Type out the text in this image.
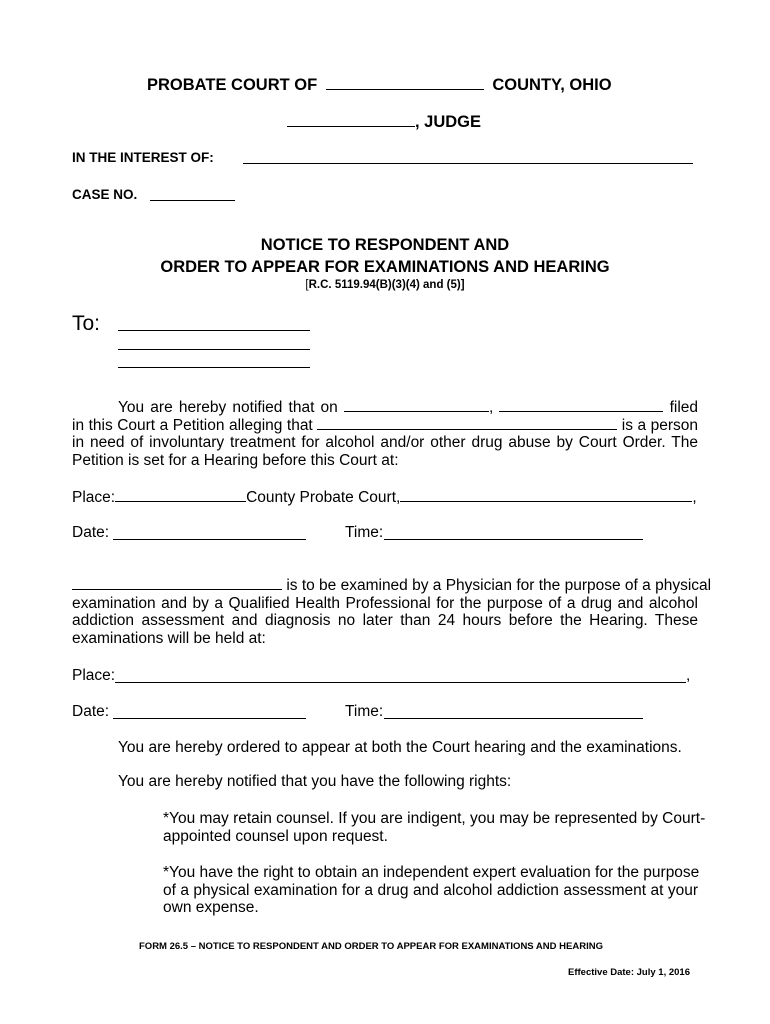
PROBATE COURT OF	COUNTY, OHIO
, JUDGE
IN THE INTEREST OF:
CASE NO.
NOTICE TO RESPONDENT AND
ORDER TO APPEAR FOR EXAMINATIONS AND HEARING
[R.C. 5119.94(B)(3)(4) and (5)]
To:
You are hereby notified that on	,	filed
in this Court a Petition alleging that	is a person
in need of involuntary treatment for alcohol and/or other drug abuse by Court Order. The
Petition is set for a Hearing before this Court at:
Place:	County Probate Court,	,
Date:	Time:
is to be examined by a Physician for the purpose of a physical
examination and by a Qualified Health Professional for the purpose of a drug and alcohol
addiction assessment and diagnosis no later than 24 hours before the Hearing. These
examinations will be held at:
Place:	,
Date:	Time:
You are hereby ordered to appear at both the Court hearing and the examinations.
You are hereby notified that you have the following rights:
*You may retain counsel. If you are indigent, you may be represented by Court-
appointed counsel upon request.
*You have the right to obtain an independent expert evaluation for the purpose
of a physical examination for a drug and alcohol addiction assessment at your
own expense.
FORM 26.5 – NOTICE TO RESPONDENT AND ORDER TO APPEAR FOR EXAMINATIONS AND HEARING
Effective Date: July 1, 2016
